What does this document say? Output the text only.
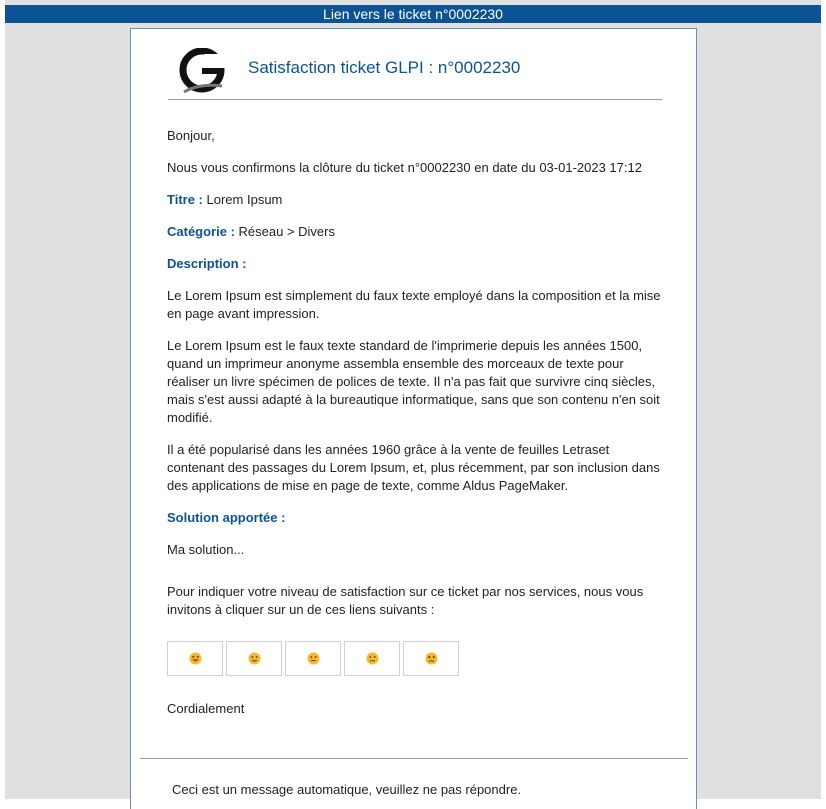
Lien vers le ticket n°0002230
Satisfaction ticket GLPI : n°0002230

Bonjour,

Nous vous confirmons la clôture du ticket n°0002230 en date du 03-01-2023 17:12

Titre : Lorem Ipsum

Catégorie : Réseau > Divers

Description :

Le Lorem Ipsum est simplement du faux texte employé dans la composition et la mise en page avant impression.

Le Lorem Ipsum est le faux texte standard de l'imprimerie depuis les années 1500, quand un imprimeur anonyme assembla ensemble des morceaux de texte pour réaliser un livre spécimen de polices de texte. Il n'a pas fait que survivre cinq siècles, mais s'est aussi adapté à la bureautique informatique, sans que son contenu n'en soit modifié.

Il a été popularisé dans les années 1960 grâce à la vente de feuilles Letraset contenant des passages du Lorem Ipsum, et, plus récemment, par son inclusion dans des applications de mise en page de texte, comme Aldus PageMaker.

Solution apportée :

Ma solution...

Pour indiquer votre niveau de satisfaction sur ce ticket par nos services, nous vous invitons à cliquer sur un de ces liens suivants :

Cordialement

Ceci est un message automatique, veuillez ne pas répondre.
